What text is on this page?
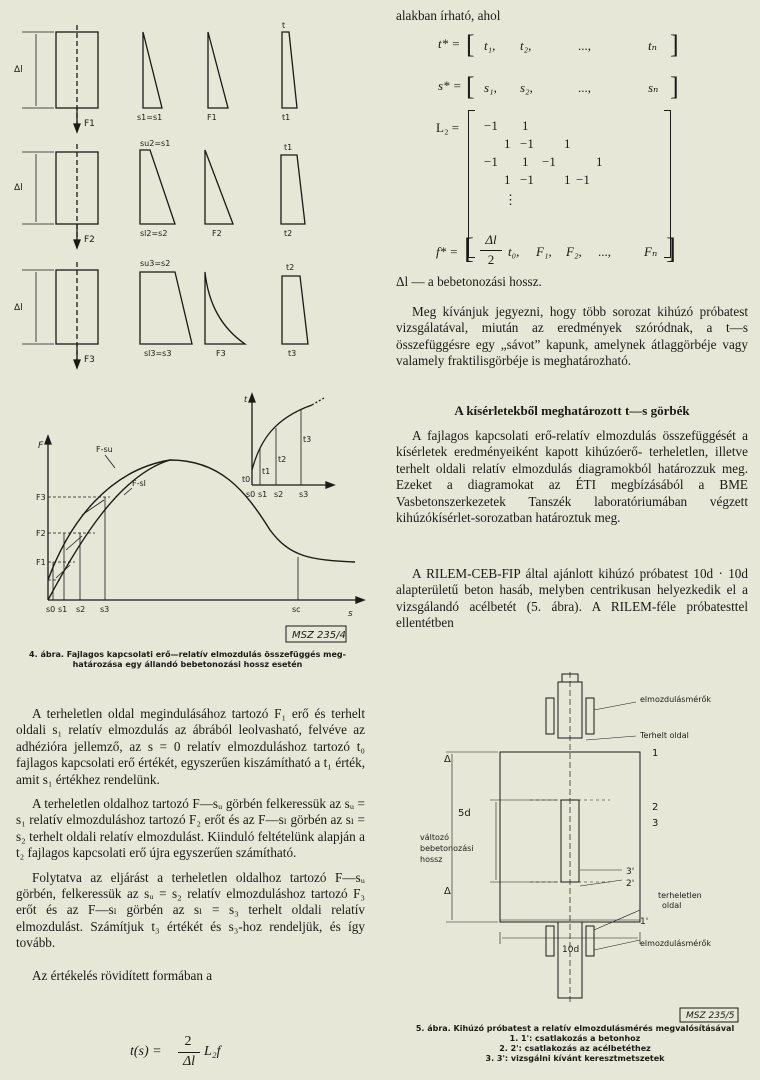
Δl
Δl
Δl
F1
F2
F3
s1=s1	F1	t1
t
su2=s1
sl2=s2	F2
t1
t2
su3=s2
sl3=s3	F3
t2
t3
F
s
F3
F2
F1
F-su
F-sl
s0 s1 s2 s3	sc
t
t0
t1
t2
t3
s0 s1 s2 s3
MSZ 235/4
4. ábra. Fajlagos kapcsolati erő—relatív elmozdulás összefüggés meg-
határozása egy állandó bebetonozási hossz esetén

A terheletlen oldal megindulásához tartozó F₁ erő és terhelt oldali s₁ relatív elmozdulás az ábrából leolvasható, felvéve az adhézióra jellemző, az s = 0 relatív elmozduláshoz tartozó t₀ fajlagos kapcsolati erő értékét, egyszerűen kiszámítható a t₁ érték, amit s₁ értékhez rendelünk.

A terheletlen oldalhoz tartozó F—sᵤ görbén felkeressük az sᵤ = s₁ relatív elmozduláshoz tartozó F₂ erőt és az F—sₗ görbén az sₗ = s₂ terhelt oldali relatív elmozdulást. Kiinduló feltételünk alapján a t₂ fajlagos kapcsolati erő újra egyszerűen számítható.

Folytatva az eljárást a terheletlen oldalhoz tartozó F—sᵤ görbén, felkeressük az sᵤ = s₂ relatív elmozduláshoz tartozó F₃ erőt és az F—sₗ görbén az sₗ = s₃ terhelt oldali relatív elmozdulást. Számítjuk t₃ értékét és s₃-hoz rendeljük, és így tovább.

Az értékelés rövidített formában a

t(s) =
2
Δl
L₂f
alakban írható, ahol
t* = [ t₁, t₂,	...,	tₙ ]
s* = [ s₁, s₂,	...,	sₙ ]
L₂ = −1 1
1 −1 1
−1 1 −1	1
1 −1 1 −1
⋮
f* = [ Δl
2
t₀, F₁, F₂, ...,	Fₙ ]
Δl — a bebetonozási hossz.

Meg kívánjuk jegyezni, hogy több sorozat kihúzó próbatest vizsgálatával, miután az eredmények szóródnak, a t—s összefüggésre egy „sávot” kapunk, amelynek átlaggörbéje vagy valamely fraktilisgörbéje is meghatározható.

A kísérletekből meghatározott t—s görbék

A fajlagos kapcsolati erő-relatív elmozdulás összefüggését a kísérletek eredményeiként kapott kihúzóerő- terheletlen, illetve terhelt oldali relatív elmozdulás diagramokból határozzuk meg. Ezeket a diagramokat az ÉTI megbízásából a BME Vasbetonszerkezetek Tanszék laboratóriumában végzett kihúzókísérlet-sorozatban határoztuk meg.

A RILEM-CEB-FIP által ajánlott kihúzó próbatest 10d · 10d alapterületű beton hasáb, melyben centrikusan helyezkedik el a vizsgálandó acélbetét (5. ábra). A RILEM-féle próbatesttel ellentétben

elmozdulásmérők
Terhelt oldal
Δ
5d
változó
bebetonozási
hossz
Δ
1
2
3
3'
2'
1'
terheletlen
oldal
elmozdulásmérők
10d
MSZ 235/5
5. ábra. Kihúzó próbatest a relatív elmozdulásmérés megvalósításával
1. 1': csatlakozás a betonhoz
2. 2': csatlakozás az acélbetéthez
3. 3': vizsgálni kívánt keresztmetszetek
